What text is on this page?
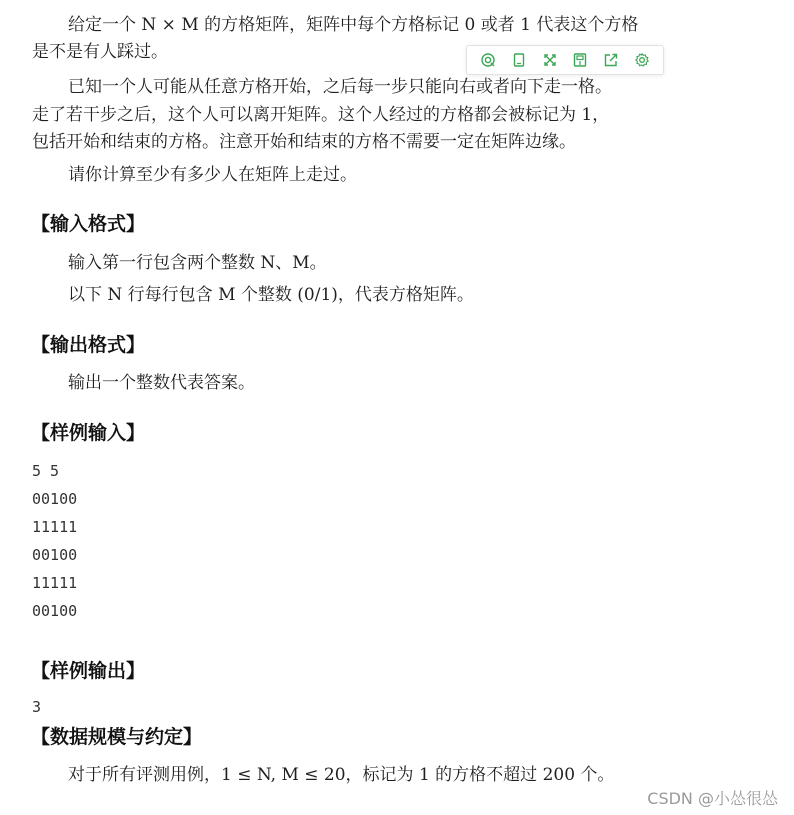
给定一个 N × M 的方格矩阵，矩阵中每个方格标记 0 或者 1 代表这个方格
是不是有人踩过。
已知一个人可能从任意方格开始，之后每一步只能向右或者向下走一格。
走了若干步之后，这个人可以离开矩阵。这个人经过的方格都会被标记为 1，
包括开始和结束的方格。注意开始和结束的方格不需要一定在矩阵边缘。
请你计算至少有多少人在矩阵上走过。
【输入格式】
输入第一行包含两个整数 N、M。
以下 N 行每行包含 M 个整数 (0/1)，代表方格矩阵。
【输出格式】
输出一个整数代表答案。
【样例输入】
5 5
00100
11111
00100
11111
00100
【样例输出】
3
【数据规模与约定】
对于所有评测用例，1 ≤ N, M ≤ 20，标记为 1 的方格不超过 200 个。
CSDN @小怂很怂
